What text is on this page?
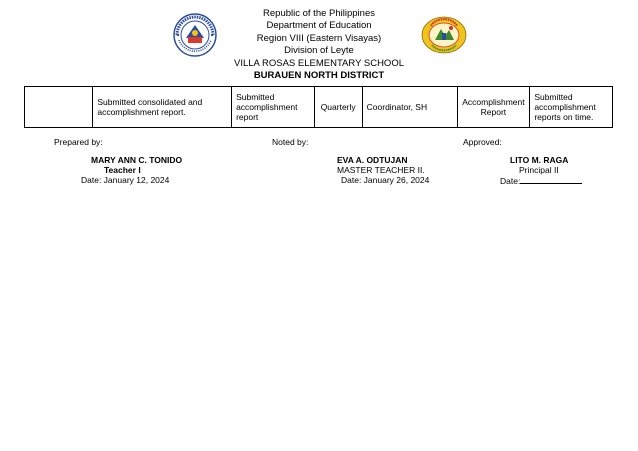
Republic of the Philippines
Department of Education
Region VIII (Eastern Visayas)
Division of Leyte
VILLA ROSAS ELEMENTARY SCHOOL
BURAUEN NORTH DISTRICT
	Submitted consolidated and accomplishment report.	Submitted accomplishment report	Quarterly	Coordinator, SH	Accomplishment Report	Submitted accomplishment reports on time.
Prepared by:	Noted by:	Approved:
MARY ANN C. TONIDO
Teacher I
Date: January 12, 2024
EVA A. ODTUJAN
MASTER TEACHER II.
Date: January 26, 2024
LITO M. RAGA
Principal II
Date:
